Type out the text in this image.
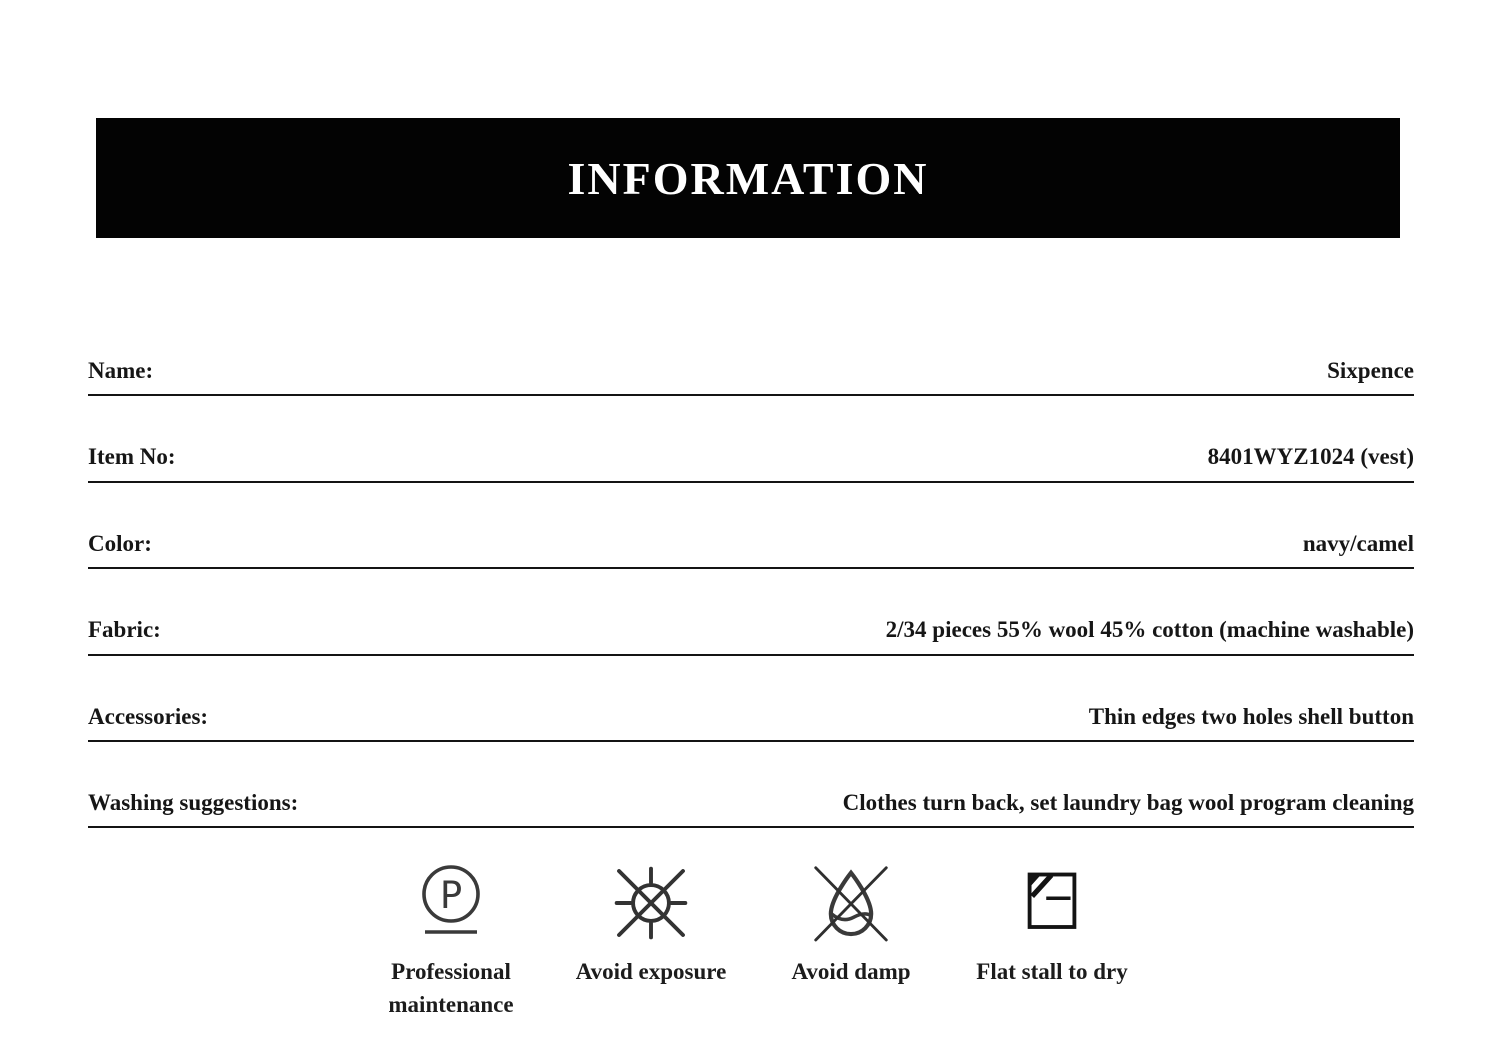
INFORMATION
Name:	Sixpence
Item No:	8401WYZ1024 (vest)
Color:	navy/camel
Fabric:	2/34 pieces 55% wool 45% cotton (machine washable)
Accessories:	Thin edges two holes shell button
Washing suggestions:	Clothes turn back, set laundry bag wool program cleaning
P
Professional maintenance
Avoid exposure	Avoid damp	Flat stall to dry
